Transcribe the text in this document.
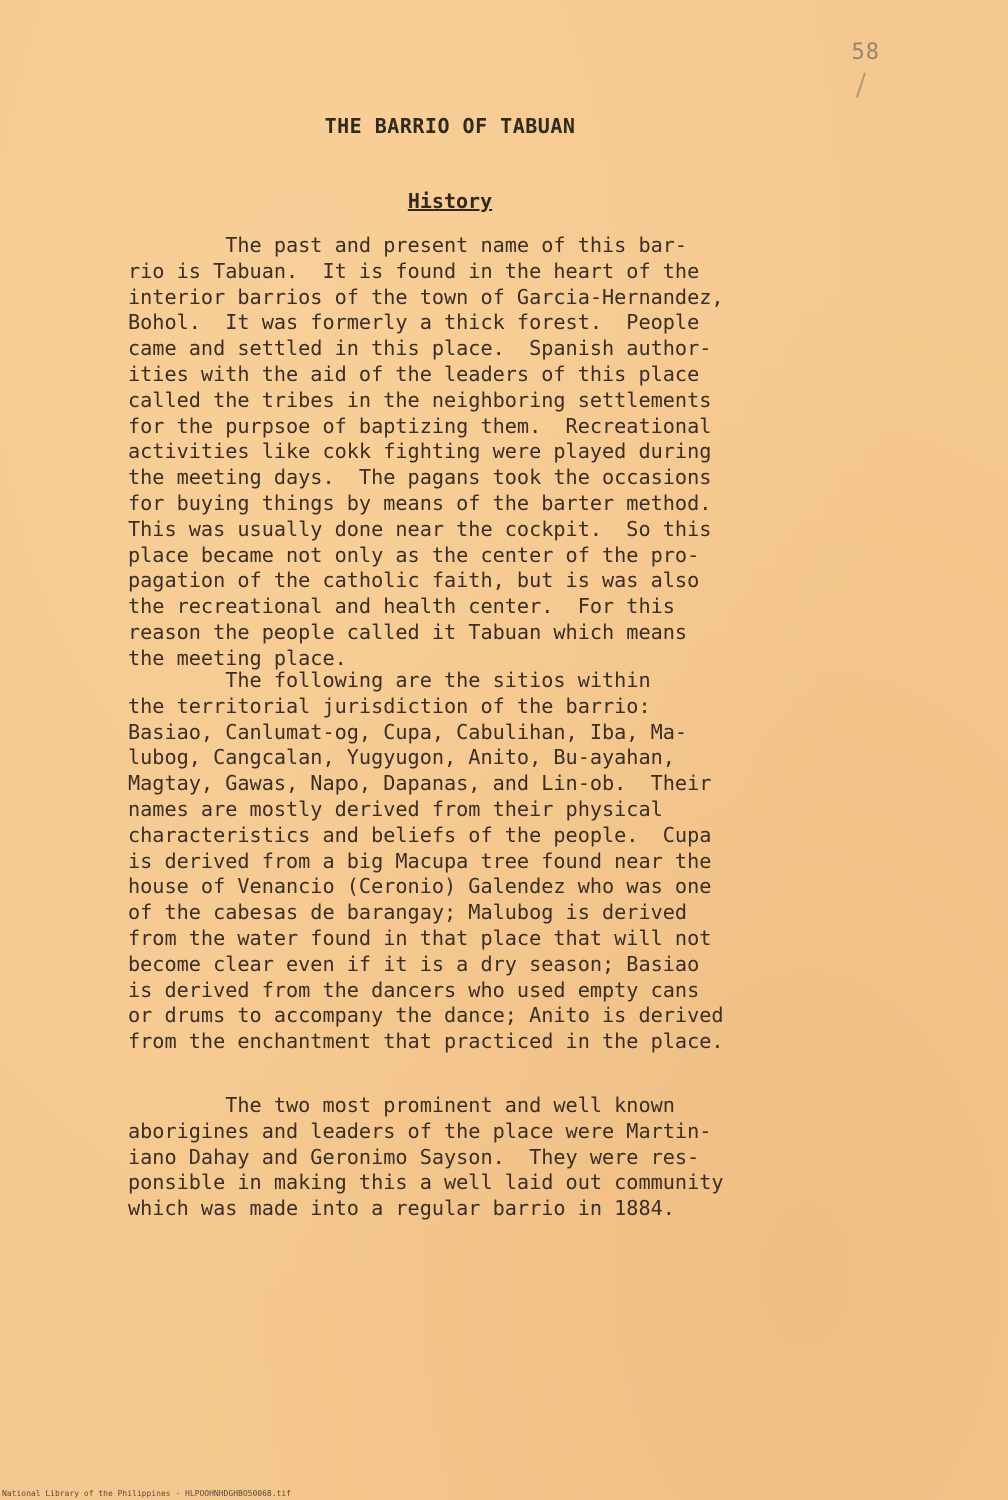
58
THE BARRIO OF TABUAN
History

The past and present name of this bar-
rio is Tabuan.  It is found in the heart of the
interior barrios of the town of Garcia-Hernandez,
Bohol.  It was formerly a thick forest.  People
came and settled in this place.  Spanish author-
ities with the aid of the leaders of this place
called the tribes in the neighboring settlements
for the purpsoe of baptizing them.  Recreational
activities like cokk fighting were played during
the meeting days.  The pagans took the occasions
for buying things by means of the barter method.
This was usually done near the cockpit.  So this
place became not only as the center of the pro-
pagation of the catholic faith, but is was also
the recreational and health center.  For this
reason the people called it Tabuan which means
the meeting place.

The following are the sitios within
the territorial jurisdiction of the barrio:
Basiao, Canlumat-og, Cupa, Cabulihan, Iba, Ma-
lubog, Cangcalan, Yugyugon, Anito, Bu-ayahan,
Magtay, Gawas, Napo, Dapanas, and Lin-ob.  Their
names are mostly derived from their physical
characteristics and beliefs of the people.  Cupa
is derived from a big Macupa tree found near the
house of Venancio (Ceronio) Galendez who was one
of the cabesas de barangay; Malubog is derived
from the water found in that place that will not
become clear even if it is a dry season; Basiao
is derived from the dancers who used empty cans
or drums to accompany the dance; Anito is derived
from the enchantment that practiced in the place.

The two most prominent and well known
aborigines and leaders of the place were Martin-
iano Dahay and Geronimo Sayson.  They were res-
ponsible in making this a well laid out community
which was made into a regular barrio in 1884.

National Library of the Philippines · HLPOOHNHDGHBO50068.tif
